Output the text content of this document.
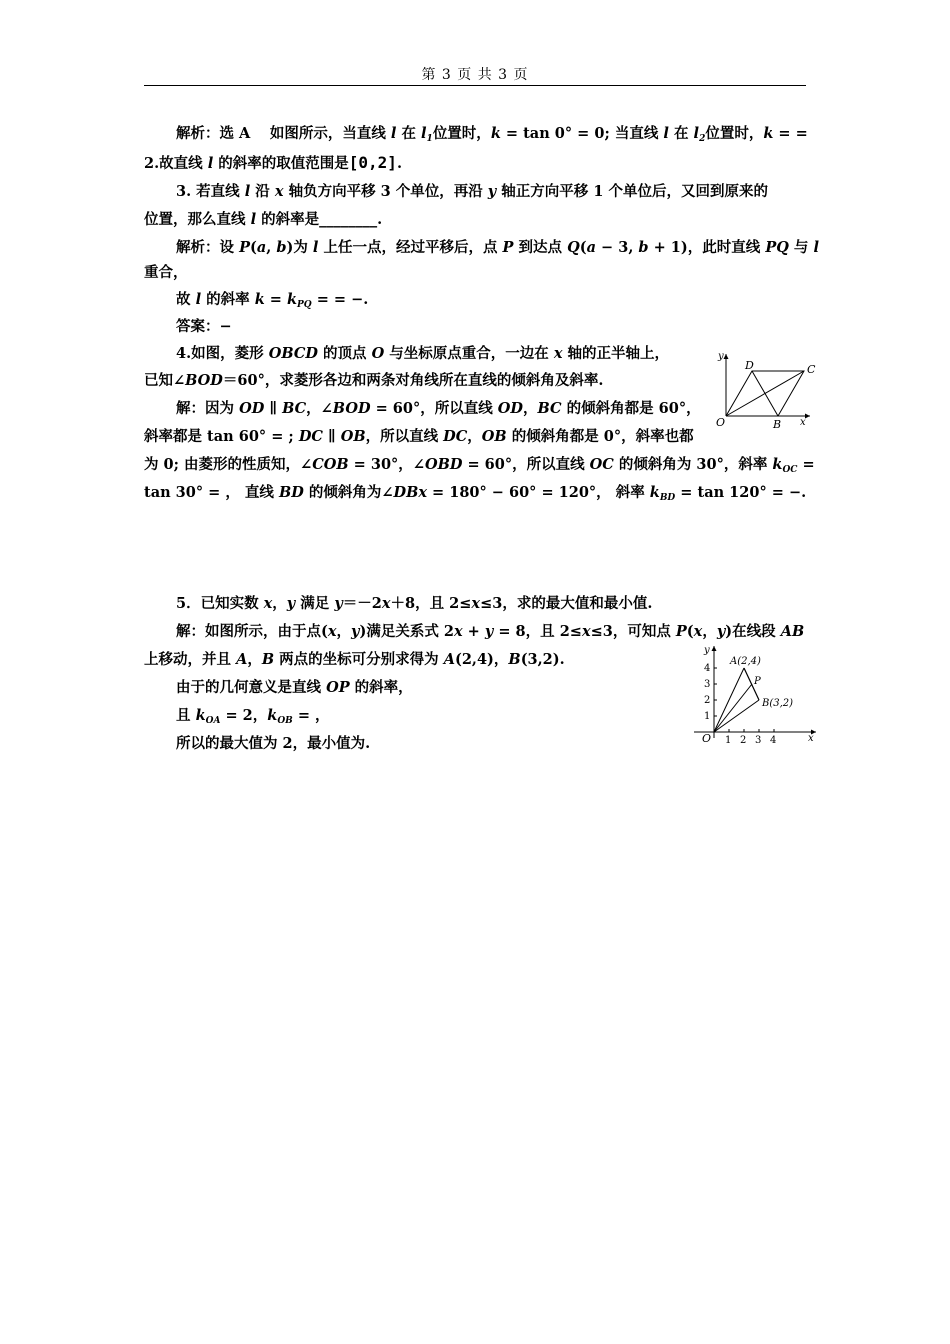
第 3 页 共 3 页
解析：选 A　 如图所示，当直线 l 在 $l_1$位置时，k = tan 0° = 0; 当直线 l 在 $l_2$位置时，k = =
2.故直线 l 的斜率的取值范围是[0,2].
3. 若直线 l 沿 x 轴负方向平移 3 个单位，再沿 y 轴正方向平移 1 个单位后，又回到原来的
位置，那么直线 l 的斜率是________.
解析：设 P(a, b)为 l 上任一点，经过平移后，点 P 到达点 Q(a − 3, b + 1)，此时直线 PQ 与 l
重合，
故 l 的斜率 $k = k_{PQ}$ = = −.
答案：−
4.如图，菱形 OBCD 的顶点 O 与坐标原点重合，一边在 x 轴的正半轴上，
已知∠BOD＝60°，求菱形各边和两条对角线所在直线的倾斜角及斜率.
解：因为 OD ∥ BC，∠BOD = 60°，所以直线 OD，BC 的倾斜角都是 60°，
斜率都是 tan 60° = ; DC ∥ OB，所以直线 DC，OB 的倾斜角都是 0°，斜率也都
为 0; 由菱形的性质知，∠COB = 30°，∠OBD = 60°，所以直线 OC 的倾斜角为 30°，斜率 $k_{OC}$ =
tan 30° = ， 直线 BD 的倾斜角为∠DBx = 180° − 60° = 120°， 斜率 $k_{BD} = \tan 120^\circ$ = −.
y
x
O
D	C
B
5．已知实数 x，y 满足 y＝－2x＋8，且 2≤x≤3，求的最大值和最小值.
解：如图所示，由于点(x，y)满足关系式 2x + y = 8，且 2≤x≤3，可知点 P(x，y)在线段 AB
上移动，并且 A，B 两点的坐标可分别求得为 A(2,4)，B(3,2).
由于的几何意义是直线 OP 的斜率，
且 $k_{OA} = 2$，$k_{OB}$ = ，
所以的最大值为 2，最小值为.
y
x
O
4
3
2
1
1 2 3 4
A(2,4)
P
B(3,2)
